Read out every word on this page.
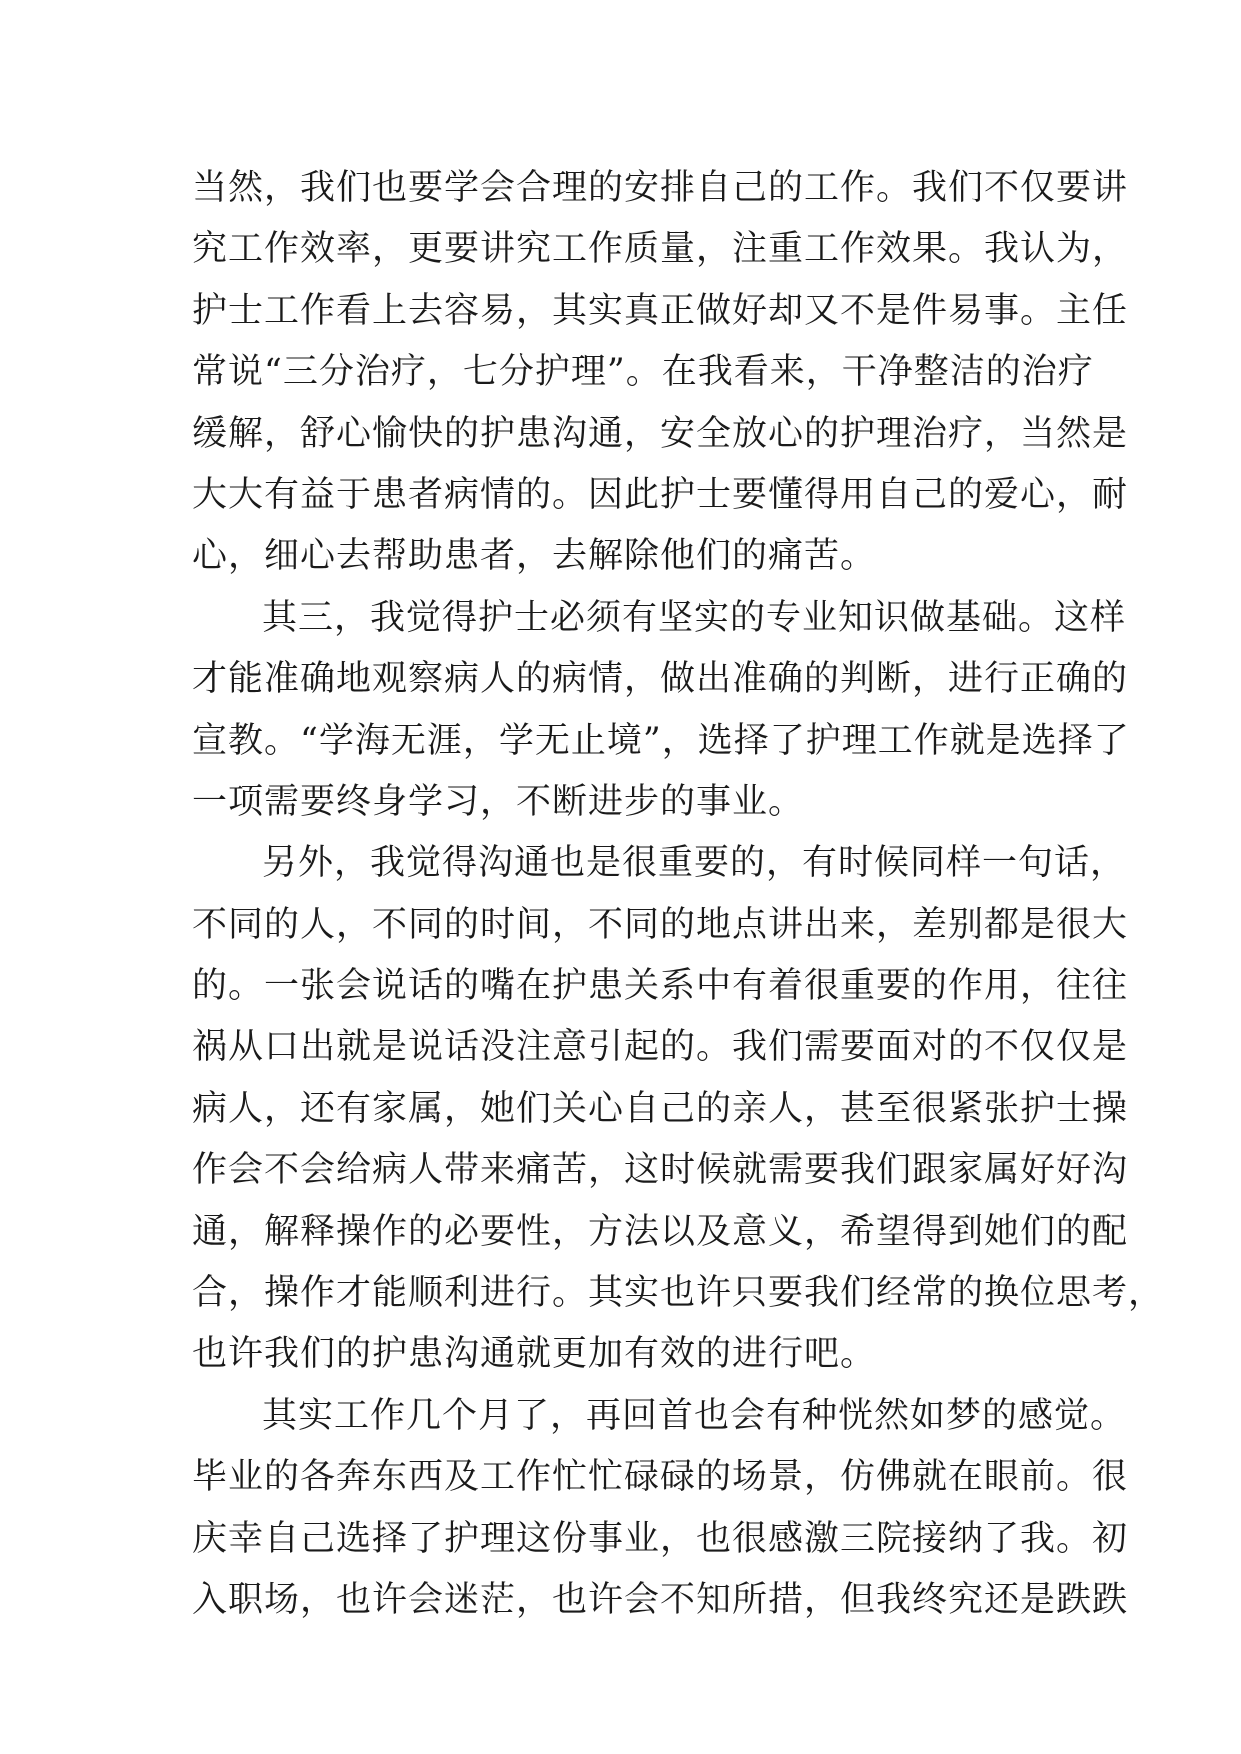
当然，我们也要学会合理的安排自己的工作。我们不仅要讲
究工作效率，更要讲究工作质量，注重工作效果。我认为，
护士工作看上去容易，其实真正做好却又不是件易事。主任
常说“三分治疗，七分护理”。在我看来，干净整洁的治疗
缓解，舒心愉快的护患沟通，安全放心的护理治疗，当然是
大大有益于患者病情的。因此护士要懂得用自己的爱心，耐
心，细心去帮助患者，去解除他们的痛苦。
其三，我觉得护士必须有坚实的专业知识做基础。这样
才能准确地观察病人的病情，做出准确的判断，进行正确的
宣教。“学海无涯，学无止境”，选择了护理工作就是选择了
一项需要终身学习，不断进步的事业。
另外，我觉得沟通也是很重要的，有时候同样一句话，
不同的人，不同的时间，不同的地点讲出来，差别都是很大
的。一张会说话的嘴在护患关系中有着很重要的作用，往往
祸从口出就是说话没注意引起的。我们需要面对的不仅仅是
病人，还有家属，她们关心自己的亲人，甚至很紧张护士操
作会不会给病人带来痛苦，这时候就需要我们跟家属好好沟
通，解释操作的必要性，方法以及意义，希望得到她们的配
合，操作才能顺利进行。其实也许只要我们经常的换位思考，
也许我们的护患沟通就更加有效的进行吧。
其实工作几个月了，再回首也会有种恍然如梦的感觉。
毕业的各奔东西及工作忙忙碌碌的场景，仿佛就在眼前。很
庆幸自己选择了护理这份事业，也很感激三院接纳了我。初
入职场，也许会迷茫，也许会不知所措，但我终究还是跌跌
